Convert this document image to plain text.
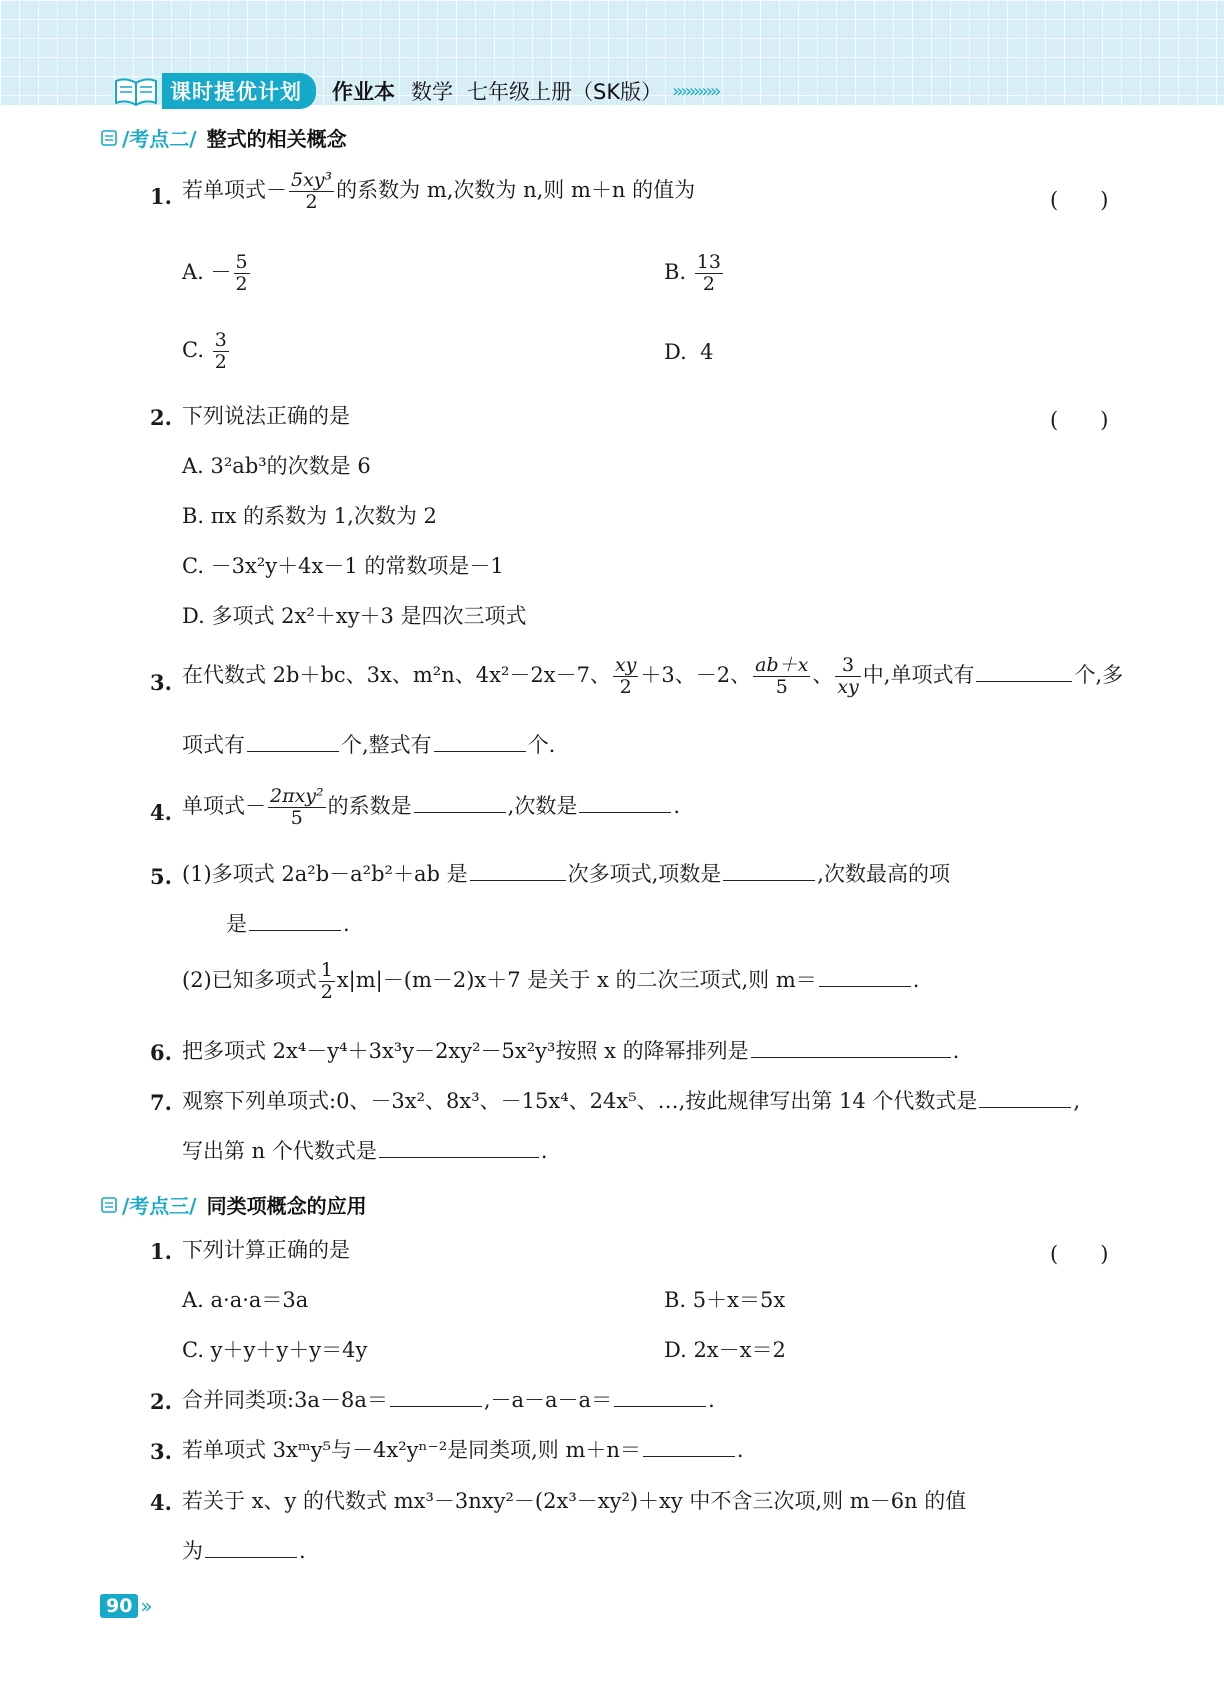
课时提优计划	作业本 数学 七年级上册（SK版） ›››››››››››
/考点二/ 整式的相关概念
1. 若单项式－ $\frac{\text{5xy³}}{2}$ 的系数为 m,次数为 n,则 m＋n 的值为	(　　)
A. － $\frac{5}{2}$	B. $\frac{13}{2}$
C. $\frac{3}{2}$	D. 4
2. 下列说法正确的是	(　　)
A. 3²ab³的次数是 6
B. πx 的系数为 1,次数为 2
C. －3x²y＋4x－1 的常数项是－1
D. 多项式 2x²＋xy＋3 是四次三项式
3. 在代数式 2b＋bc、3x、m²n、4x²－2x－7、 $\frac{xy}{2} +3$、－2、 $\frac{ab+x}{5}$ 、 $\frac{3}{xy}$ 中,单项式有	个,多
项式有	个,整式有	个.
4. 单项式－ $\frac{\text{2πxy²}}{5}$ 的系数是	,次数是	.
5. (1)多项式 2a²b－a²b²＋ab 是	次多项式,项数是	,次数最高的项
是	.
(2)已知多项式 $\frac{1}{2} x|m|-(m-2)x+7$ 是关于 x 的二次三项式,则 m＝	.
6. 把多项式 2x⁴－y⁴＋3x³y－2xy²－5x²y³按照 x 的降幂排列是	.
7. 观察下列单项式:0、－3x²、8x³、－15x⁴、24x⁵、…,按此规律写出第 14 个代数式是	,
写出第 n 个代数式是	.
/考点三/ 同类项概念的应用
1. 下列计算正确的是	(　　)
A. a·a·a＝3a	B. 5＋x＝5x
C. y＋y＋y＋y＝4y	D. 2x－x＝2
2. 合并同类项:3a－8a＝	,－a－a－a＝	.
3. 若单项式 3xᵐy⁵与－4x²yⁿ⁻²是同类项,则 m＋n＝	.
4. 若关于 x、y 的代数式 mx³－3nxy²－(2x³－xy²)＋xy 中不含三次项,则 m－6n 的值
为	.
90 ››
